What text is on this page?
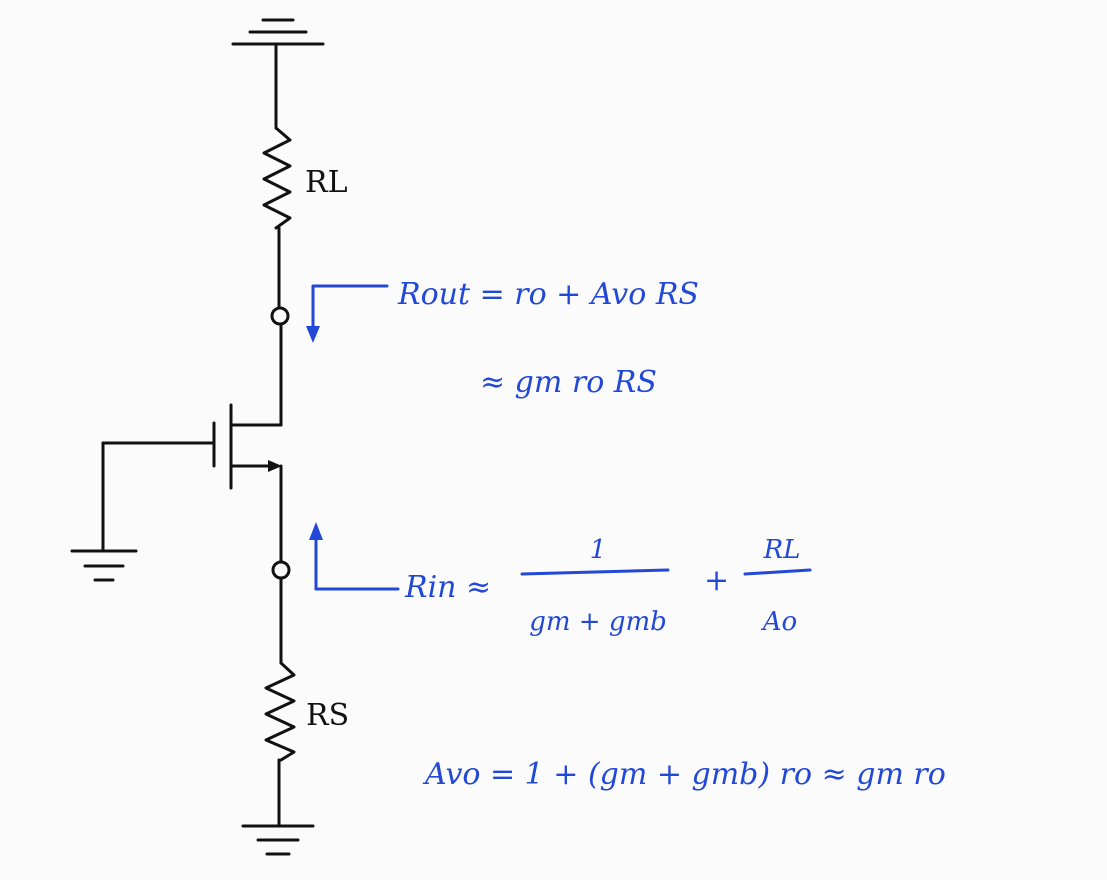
RL
RS
Rout = ro + Avo RS
≈ gm ro RS
Rin ≈
1
gm + gmb
+
RL
Ao
Avo = 1 + (gm + gmb) ro ≈ gm ro
